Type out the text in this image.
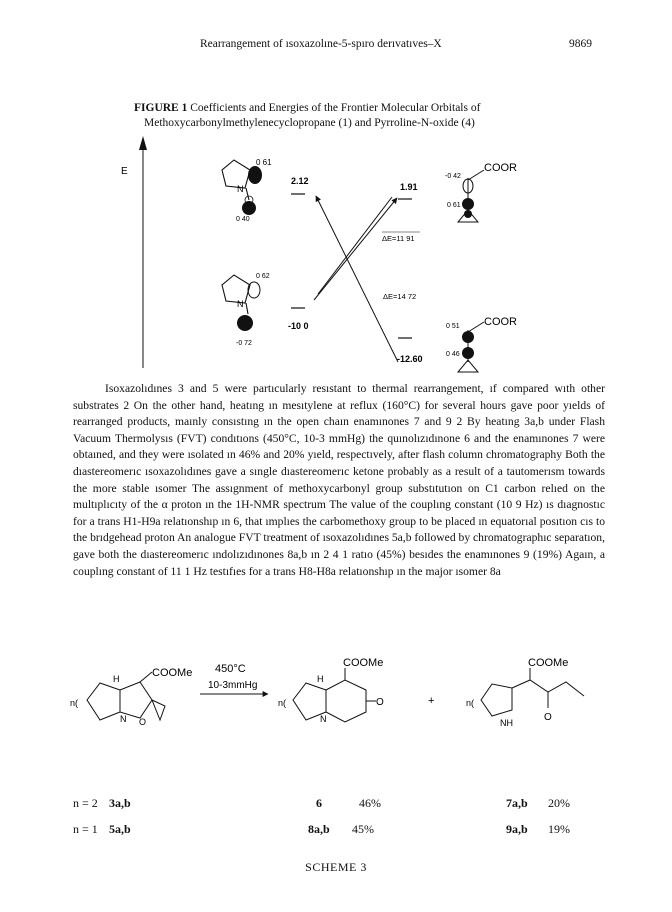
Rearrangement of ısoxazolıne-5-spıro derıvatıves–X	9869
FIGURE 1 Coefficients and Energies of the Frontier Molecular Orbitals of
Methoxycarbonylmethylenecyclopropane (1) and Pyrroline-N-oxide (4)
E
N
0 61
0 40
2.12
N
0 62
-0 72
-10 0
ΔE=11 91
ΔE=14 72
1.91
-0 42
0 61
COOR
-12.60
0 51
0 46
COOR

Isoxazolıdınes 3 and 5 were partıcularly resıstant to thermal rearrangement, ıf compared wıth other substrates 2 On the other hand, heatıng ın mesıtylene at reflux (160°C) for several hours gave poor yıelds of rearranged products, maınly consıstıng ın the open chaın enamınones 7 and 9 2 By heatıng 3a,b under Flash Vacuum Thermolysıs (FVT) condıtıons (450°C, 10-3 mmHg) the quınolızıdınone 6 and the enamınones 7 were obtaıned, and they were ısolated ın 46% and 20% yıeld, respectıvely, after flash column chromatography Both the dıastereomerıc ısoxazolıdınes gave a sıngle dıastereomerıc ketone probably as a result of a tautomerısm towards the more stable ısomer The assıgnment of methoxycarbonyl group substıtutıon on C1 carbon relıed on the multıplıcıty of the α proton ın the 1H-NMR spectrum The value of the couplıng constant (10 9 Hz) ıs dıagnostıc for a trans H1-H9a relatıonshıp ın 6, that ımplıes the carbomethoxy group to be placed ın equatorıal posıtıon cıs to the brıdgehead proton An analogue FVT treatment of ısoxazolıdınes 5a,b followed by chromatographıc separatıon, gave both the dıastereomerıc ındolızıdınones 8a,b ın 2 4 1 ratıo (45%) besıdes the enamınones 9 (19%) Agaın, a couplıng constant of 11 1 Hz testıfıes for a trans H8-H8a relatıonshıp ın the major ısomer 8a

H
N O
n(
COOMe 450°C
10-3mmHg
H
N
O
n(
COOMe
+
NH	O
n(
COOMe
n = 2 3a,b	6	46%	7a,b 20%
n = 1 5a,b	8a,b 45%	9a,b 19%
SCHEME 3
